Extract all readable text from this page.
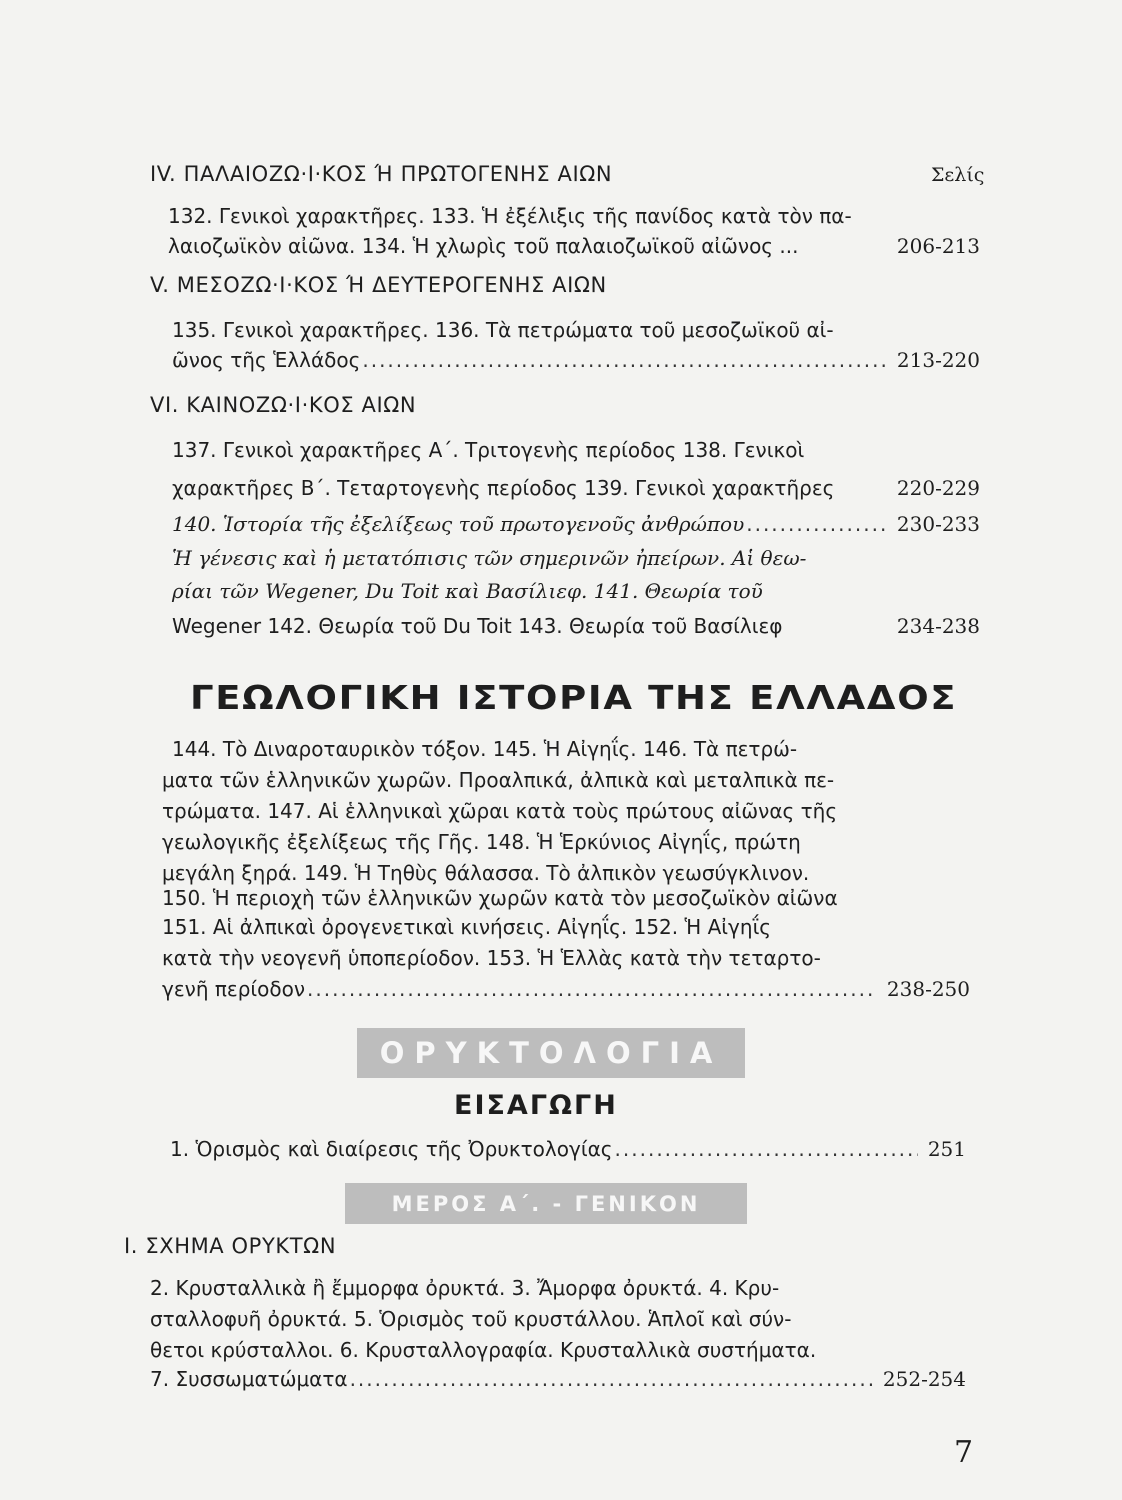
IV. ΠΑΛΑΙΟΖΩ·Ι·ΚΟΣ Ή ΠΡΩΤΟΓΕΝΗΣ ΑΙΩΝ	Σελίς
132. Γενικοὶ χαρακτῆρες. 133. Ἡ ἐξέλιξις τῆς πανίδος κατὰ τὸν πα-
λαιοζωϊκὸν αἰῶνα. 134. Ἡ χλωρὶς τοῦ παλαιοζωϊκοῦ αἰῶνος ...	206-213
V. ΜΕΣΟΖΩ·Ι·ΚΟΣ Ή ΔΕΥΤΕΡΟΓΕΝΗΣ ΑΙΩΝ
135. Γενικοὶ χαρακτῆρες. 136. Τὰ πετρώματα τοῦ μεσοζωϊκοῦ αἰ-
ῶνος τῆς Ἑλλάδος .....	213-220
VI. ΚΑΙΝΟΖΩ·Ι·ΚΟΣ ΑΙΩΝ
137. Γενικοὶ χαρακτῆρες Α΄. Τριτογενὴς περίοδος 138. Γενικοὶ
χαρακτῆρες Β΄. Τεταρτογενὴς περίοδος 139. Γενικοὶ χαρακτῆρες	220-229
140. Ἱστορία τῆς ἐξελίξεως τοῦ πρωτογενοῦς ἀνθρώπου .....	230-233
Ἡ γένεσις καὶ ἡ μετατόπισις τῶν σημερινῶν ἠπείρων. Αἱ θεω-
ρίαι τῶν Wegener, Du Toit καὶ Βασίλιεφ. 141. Θεωρία τοῦ
Wegener 142. Θεωρία τοῦ Du Toit 143. Θεωρία τοῦ Βασίλιεφ	234-238
ΓΕΩΛΟΓΙΚΗ ΙΣΤΟΡΙΑ ΤΗΣ ΕΛΛΑΔΟΣ
144. Τὸ Διναροταυρικὸν τόξον. 145. Ἡ Αἰγηΐς. 146. Τὰ πετρώ-
ματα τῶν ἑλληνικῶν χωρῶν. Προαλπικά, ἀλπικὰ καὶ μεταλπικὰ πε-
τρώματα. 147. Αἱ ἑλληνικαὶ χῶραι κατὰ τοὺς πρώτους αἰῶνας τῆς
γεωλογικῆς ἐξελίξεως τῆς Γῆς. 148. Ἡ Ἑρκύνιος Αἰγηΐς, πρώτη
μεγάλη ξηρά. 149. Ἡ Τηθὺς θάλασσα. Τὸ ἀλπικὸν γεωσύγκλινον.
150. Ἡ περιοχὴ τῶν ἑλληνικῶν χωρῶν κατὰ τὸν μεσοζωϊκὸν αἰῶνα
151. Αἱ ἀλπικαὶ ὀρογενετικαὶ κινήσεις. Αἰγηΐς. 152. Ἡ Αἰγηΐς
κατὰ τὴν νεογενῆ ὑποπερίοδον. 153. Ἡ Ἑλλὰς κατὰ τὴν τεταρτο-
γενῆ περίοδον .....	238-250
ΟΡΥΚΤΟΛΟΓΙΑ
ΕΙΣΑΓΩΓΗ
1. Ὁρισμὸς καὶ διαίρεσις τῆς Ὀρυκτολογίας .....	251
ΜΕΡΟΣ Α΄. - ΓΕΝΙΚΟΝ
Ι. ΣΧΗΜΑ ΟΡΥΚΤΩΝ
2. Κρυσταλλικὰ ἢ ἔμμορφα ὀρυκτά. 3. Ἄμορφα ὀρυκτά. 4. Κρυ-
σταλλοφυῆ ὀρυκτά. 5. Ὁρισμὸς τοῦ κρυστάλλου. Ἁπλοῖ καὶ σύν-
θετοι κρύσταλλοι. 6. Κρυσταλλογραφία. Κρυσταλλικὰ συστήματα.
7. Συσσωματώματα .....	252-254
7
